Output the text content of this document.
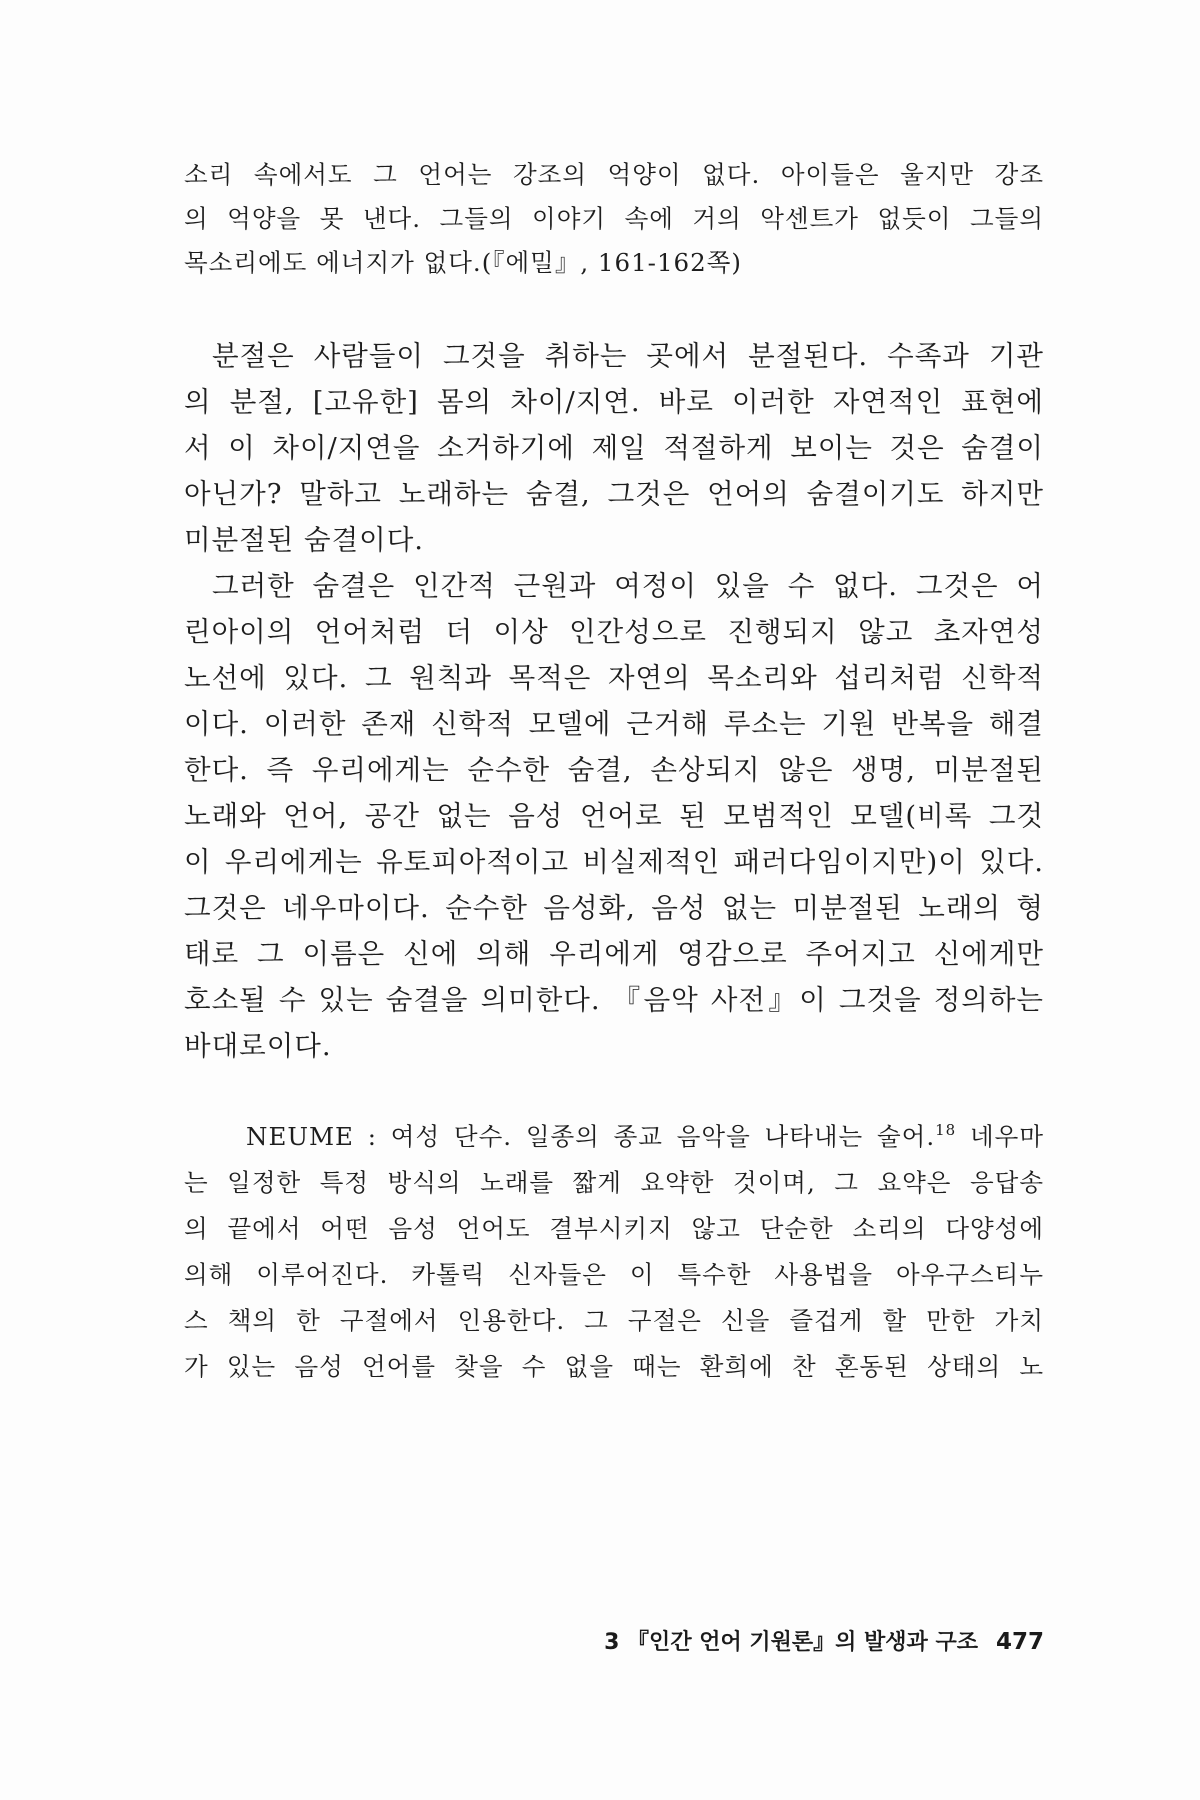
소리 속에서도 그 언어는 강조의 억양이 없다. 아이들은 울지만 강조
의 억양을 못 낸다. 그들의 이야기 속에 거의 악센트가 없듯이 그들의
목소리에도 에너지가 없다.(『에밀』, 161-162쪽)
분절은 사람들이 그것을 취하는 곳에서 분절된다. 수족과 기관
의 분절, [고유한] 몸의 차이/지연. 바로 이러한 자연적인 표현에
서 이 차이/지연을 소거하기에 제일 적절하게 보이는 것은 숨결이
아닌가? 말하고 노래하는 숨결, 그것은 언어의 숨결이기도 하지만
미분절된 숨결이다.
그러한 숨결은 인간적 근원과 여정이 있을 수 없다. 그것은 어
린아이의 언어처럼 더 이상 인간성으로 진행되지 않고 초자연성
노선에 있다. 그 원칙과 목적은 자연의 목소리와 섭리처럼 신학적
이다. 이러한 존재 신학적 모델에 근거해 루소는 기원 반복을 해결
한다. 즉 우리에게는 순수한 숨결, 손상되지 않은 생명, 미분절된
노래와 언어, 공간 없는 음성 언어로 된 모범적인 모델(비록 그것
이 우리에게는 유토피아적이고 비실제적인 패러다임이지만)이 있다.
그것은 네우마이다. 순수한 음성화, 음성 없는 미분절된 노래의 형
태로 그 이름은 신에 의해 우리에게 영감으로 주어지고 신에게만
호소될 수 있는 숨결을 의미한다. 『음악 사전』이 그것을 정의하는
바대로이다.
NEUME : 여성 단수. 일종의 종교 음악을 나타내는 술어.$^{18}$ 네우마
는 일정한 특정 방식의 노래를 짧게 요약한 것이며, 그 요약은 응답송
의 끝에서 어떤 음성 언어도 결부시키지 않고 단순한 소리의 다양성에
의해 이루어진다. 카톨릭 신자들은 이 특수한 사용법을 아우구스티누
스 책의 한 구절에서 인용한다. 그 구절은 신을 즐겁게 할 만한 가치
가 있는 음성 언어를 찾을 수 없을 때는 환희에 찬 혼동된 상태의 노
3 『인간 언어 기원론』의 발생과 구조 477
